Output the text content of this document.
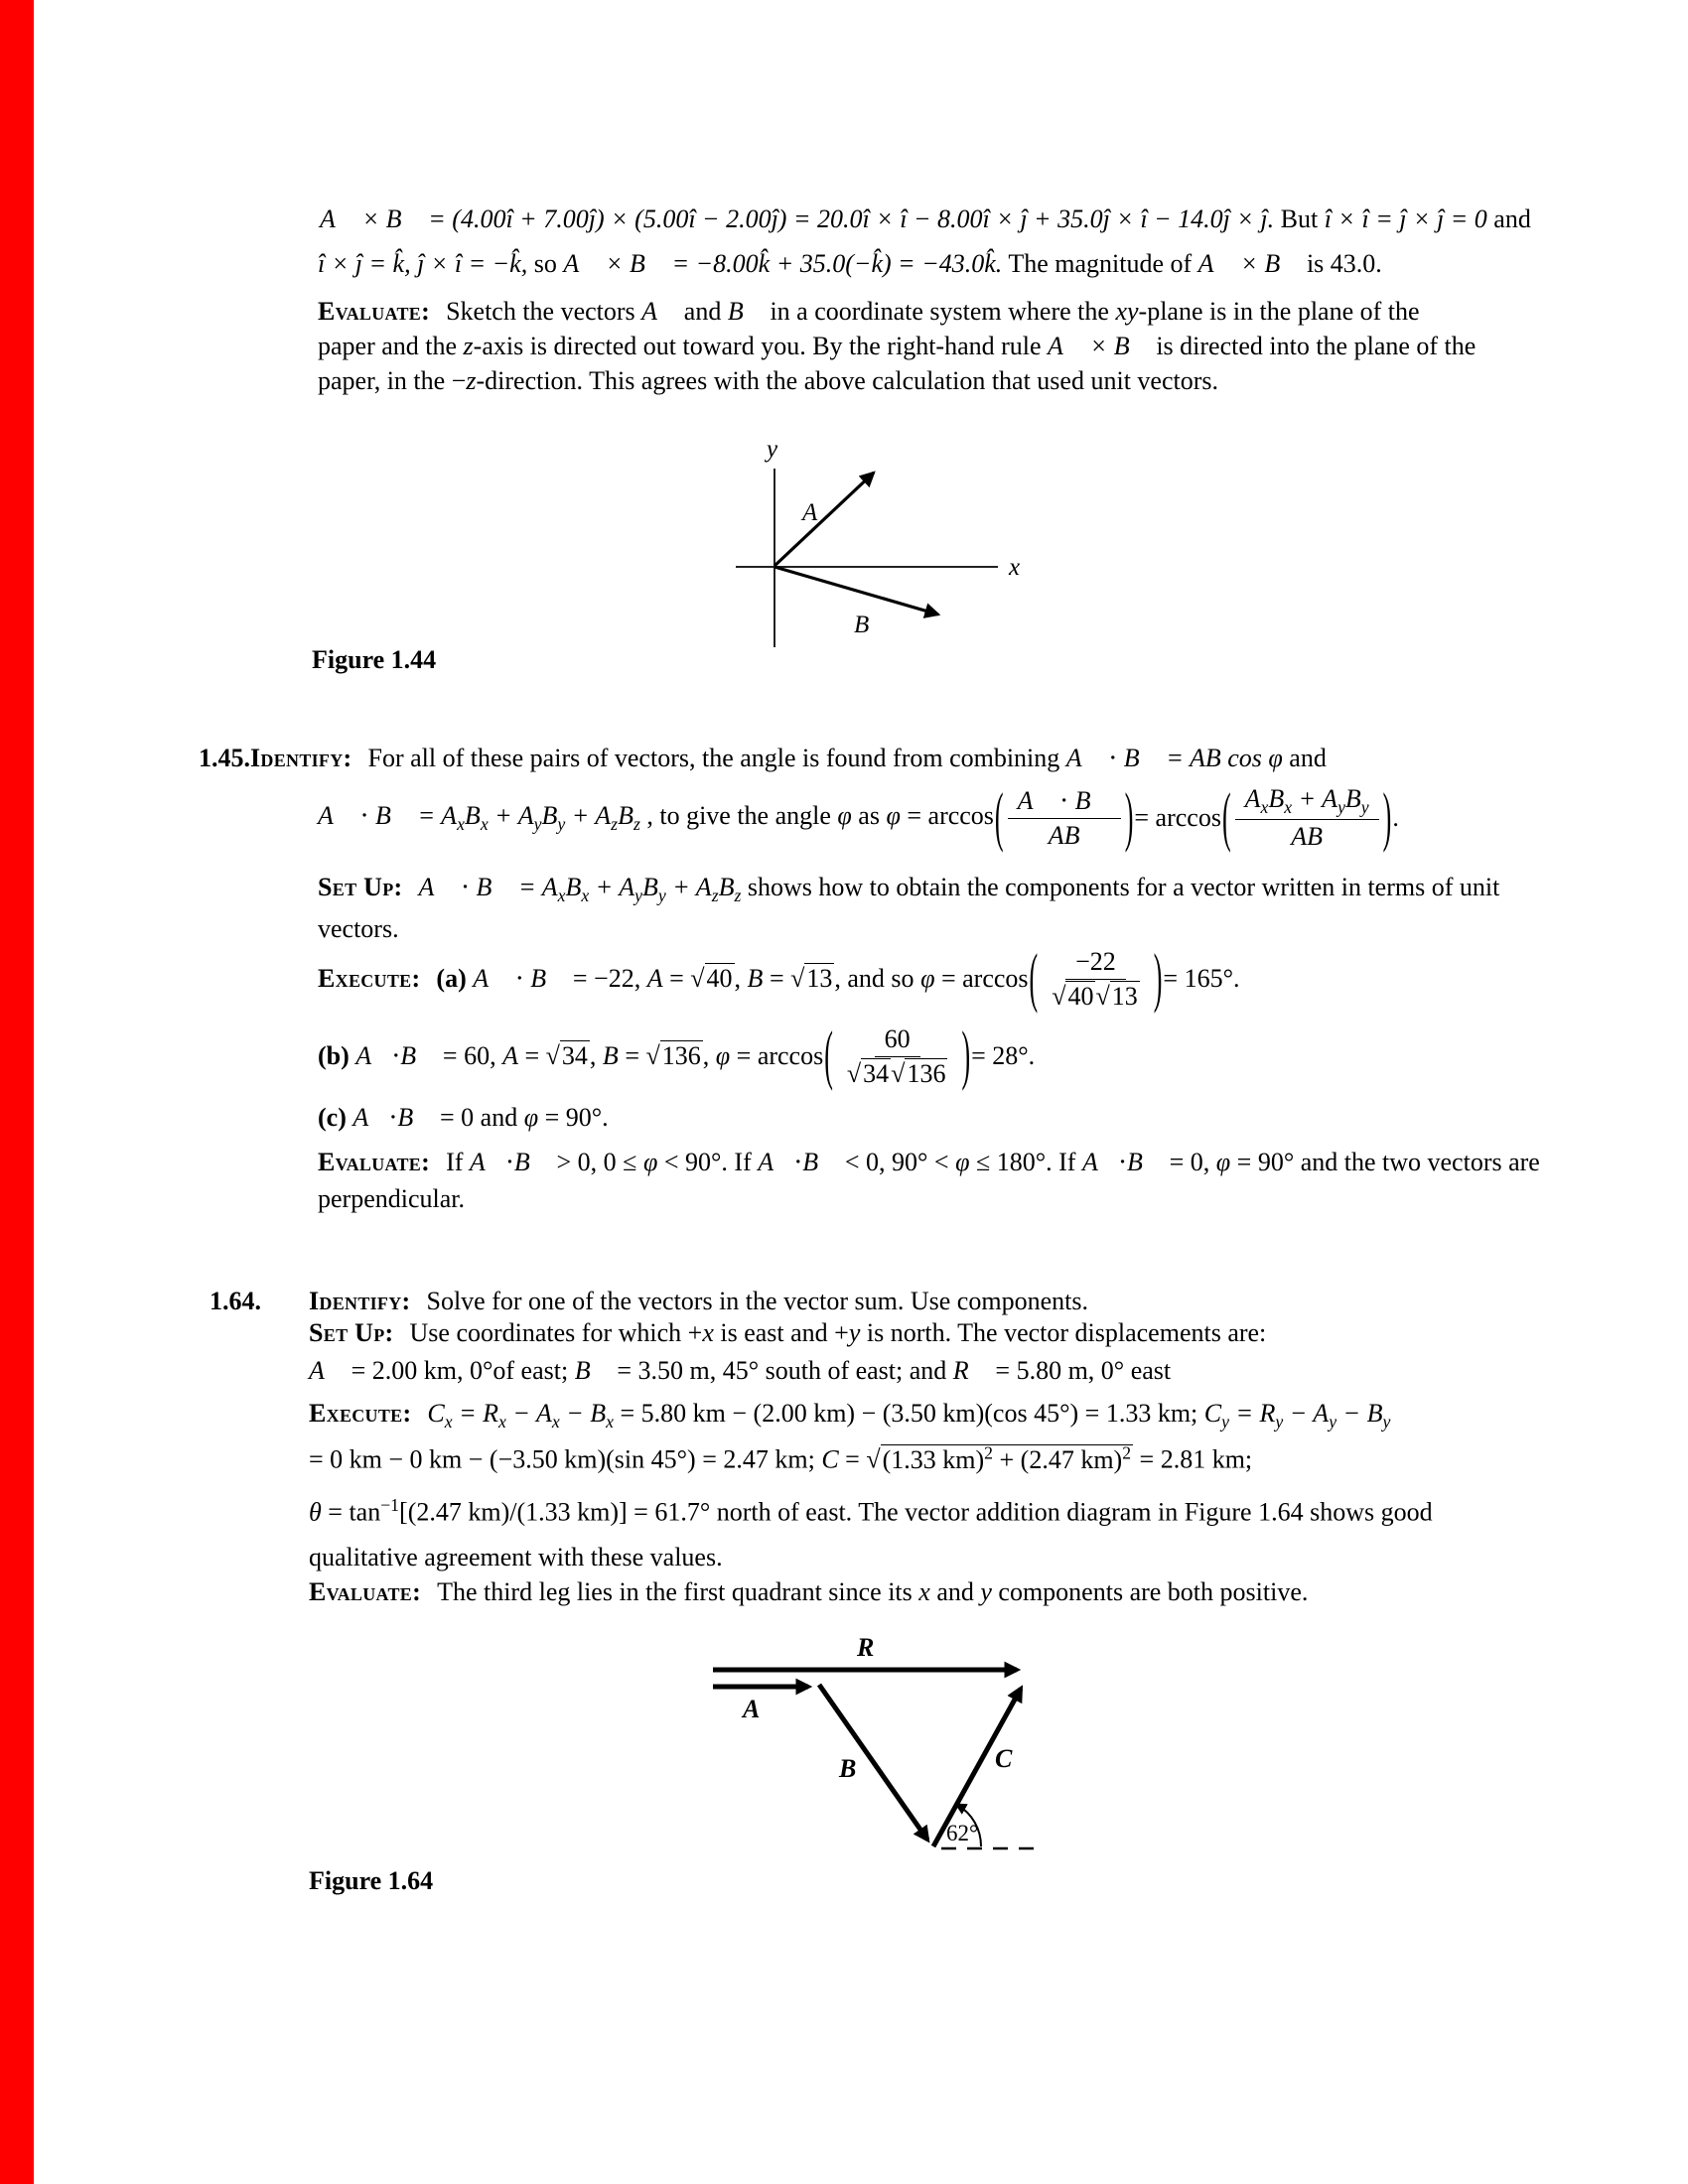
A⃗ × B⃗ = (4.00î + 7.00ĵ) × (5.00î − 2.00ĵ) = 20.0î × î − 8.00î × ĵ + 35.0ĵ × î − 14.0ĵ × ĵ. But î × î = ĵ × ĵ = 0 and
î × ĵ = k̂, ĵ × î = −k̂, so A⃗ × B⃗ = −8.00k̂ + 35.0(−k̂) = −43.0k̂. The magnitude of A⃗ × B⃗ is 43.0.
Evaluate: Sketch the vectors A⃗ and B⃗ in a coordinate system where the xy-plane is in the plane of the
paper and the z-axis is directed out toward you. By the right-hand rule A⃗ × B⃗ is directed into the plane of the
paper, in the −z-direction. This agrees with the above calculation that used unit vectors.
y
x
A
B
Figure 1.44
1.45.Identify: For all of these pairs of vectors, the angle is found from combining A⃗ ⋅ B⃗ = AB cos φ and
A⃗ ⋅ B⃗ = $A_xB_x + A_yB_y + A_zB_z$ , to give the angle φ as φ = arccos ( $\frac{A⃗ \cdot B⃗}{AB}$ ) = arccos ( $\frac{A_xB_x + A_yB_y}{AB}$ ) .
Set Up: A⃗ ⋅ B⃗ = $A_xB_x + A_yB_y + A_zB_z$ shows how to obtain the components for a vector written in terms of unit
vectors.
Execute: (a) A⃗ ⋅ B⃗ = −22, A = √40, B = √13, and so φ = arccos ( $\frac{-22}{√40√13}$ ) = 165°.
(b) A⃗⋅B⃗ = 60, A = √34, B = √136, φ = arccos ( $\frac{60}{√34√136}$ ) = 28°.
(c) A⃗⋅B⃗ = 0 and φ = 90°.
Evaluate: If A⃗⋅B⃗ > 0, 0 ≤ φ < 90°. If A⃗⋅B⃗ < 0, 90° < φ ≤ 180°. If A⃗⋅B⃗ = 0, φ = 90° and the two vectors are
perpendicular.
1.64. Identify: Solve for one of the vectors in the vector sum. Use components.
Set Up: Use coordinates for which +x is east and +y is north. The vector displacements are:
A⃗ = 2.00 km, 0°of east; B⃗ = 3.50 m, 45° south of east; and R⃗ = 5.80 m, 0° east
Execute: $C_x = R_x - A_x - B_x = 5.80$ km − (2.00 km) − (3.50 km)(cos 45°) = 1.33 km; $C_y = R_y - A_y - B_y$
= 0 km − 0 km − (−3.50 km)(sin 45°) = 2.47 km; C = √(1.33 km)$^2$ + (2.47 km)$^2$ = 2.81 km;
$\theta = \tan^{-1}[(2.47$ km)/(1.33 km)] = 61.7° north of east. The vector addition diagram in Figure 1.64 shows good
qualitative agreement with these values.
Evaluate: The third leg lies in the first quadrant since its x and y components are both positive.
R⃗
A⃗
B⃗	C⃗
62°
Figure 1.64
